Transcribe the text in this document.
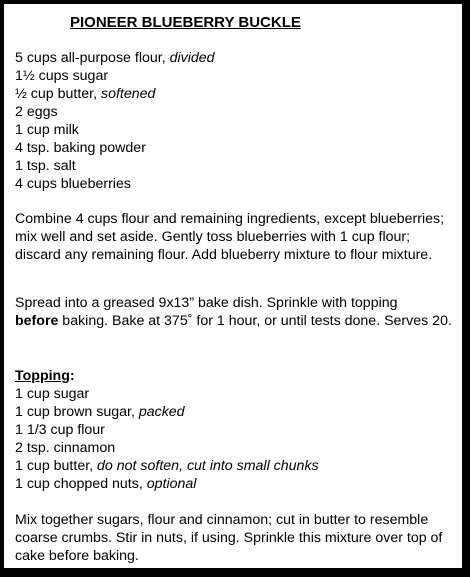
PIONEER BLUEBERRY BUCKLE
5 cups all-purpose flour, divided
1½ cups sugar
½ cup butter, softened
2 eggs
1 cup milk
4 tsp. baking powder
1 tsp. salt
4 cups blueberries
Combine 4 cups flour and remaining ingredients, except blueberries; mix well and set aside. Gently toss blueberries with 1 cup flour; discard any remaining flour. Add blueberry mixture to flour mixture.
Spread into a greased 9x13” bake dish. Sprinkle with topping
before baking. Bake at 375˚ for 1 hour, or until tests done. Serves 20.
Topping:
1 cup sugar
1 cup brown sugar, packed
1 1/3 cup flour
2 tsp. cinnamon
1 cup butter, do not soften, cut into small chunks
1 cup chopped nuts, optional
Mix together sugars, flour and cinnamon; cut in butter to resemble coarse crumbs. Stir in nuts, if using. Sprinkle this mixture over top of cake before baking.
